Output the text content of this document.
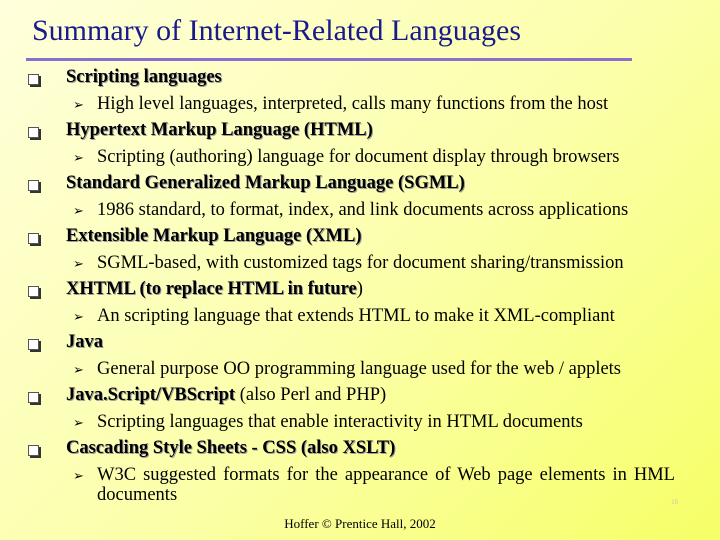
Summary of Internet-Related Languages
Scripting languages
➢ High level languages, interpreted, calls many functions from the host
Hypertext Markup Language (HTML)
➢ Scripting (authoring) language for document display through browsers
Standard Generalized Markup Language (SGML)
➢ 1986 standard, to format, index, and link documents across applications
Extensible Markup Language (XML)
➢ SGML-based, with customized tags for document sharing/transmission
XHTML (to replace HTML in future)
➢ An scripting language that extends HTML to make it XML-compliant
Java
➢ General purpose OO programming language used for the web / applets
Java.Script/VBScript (also Perl and PHP)
➢ Scripting languages that enable interactivity in HTML documents
Cascading Style Sheets - CSS (also XSLT)
➢ W3C suggested formats for the appearance of Web page elements in HML documents	18
Hoffer © Prentice Hall, 2002
